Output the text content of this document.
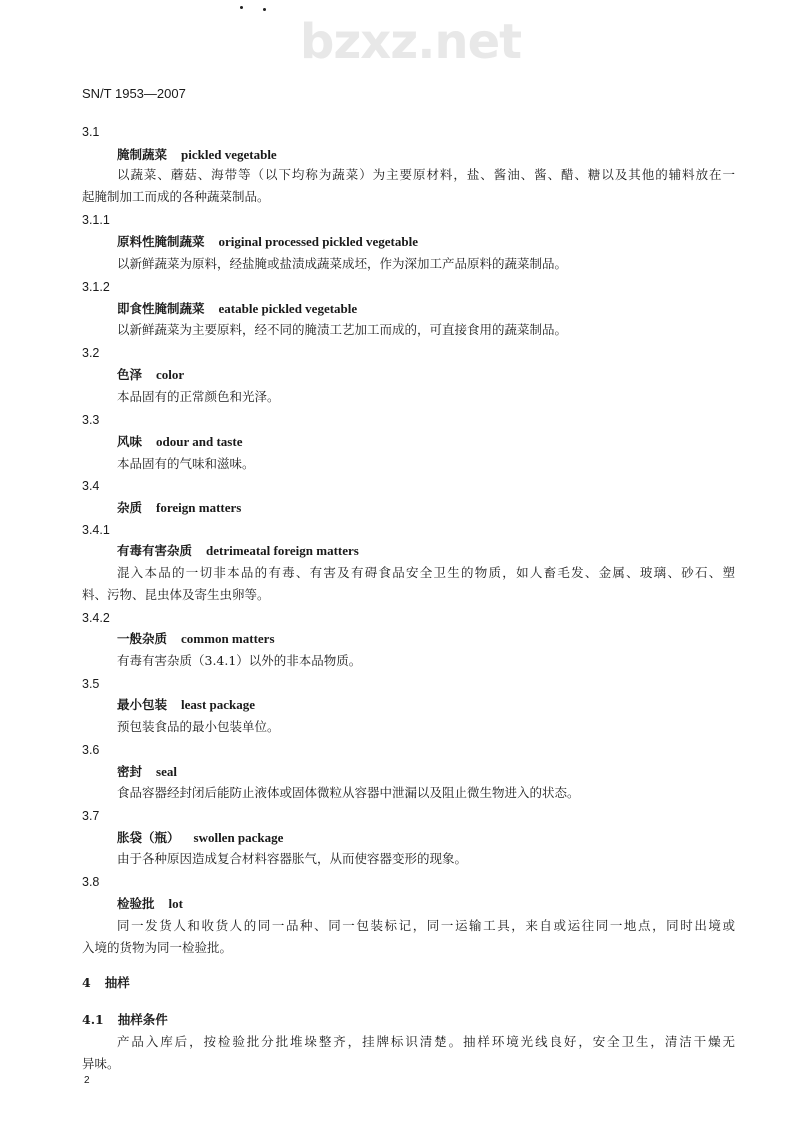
bzxz.net
SN/T 1953—2007
3.1
腌制蔬菜 pickled vegetable
以蔬菜、蘑菇、海带等（以下均称为蔬菜）为主要原材料，盐、酱油、酱、醋、糖以及其他的辅料放在一
起腌制加工而成的各种蔬菜制品。
3.1.1
原料性腌制蔬菜 original processed pickled vegetable
以新鲜蔬菜为原料，经盐腌或盐渍成蔬菜成坯，作为深加工产品原料的蔬菜制品。
3.1.2
即食性腌制蔬菜 eatable pickled vegetable
以新鲜蔬菜为主要原料，经不同的腌渍工艺加工而成的，可直接食用的蔬菜制品。
3.2
色泽 color
本品固有的正常颜色和光泽。
3.3
风味 odour and taste
本品固有的气味和滋味。
3.4
杂质 foreign matters
3.4.1
有毒有害杂质 detrimeatal foreign matters
混入本品的一切非本品的有毒、有害及有碍食品安全卫生的物质，如人畜毛发、金属、玻璃、砂石、塑
料、污物、昆虫体及寄生虫卵等。
3.4.2
一般杂质 common matters
有毒有害杂质（3.4.1）以外的非本品物质。
3.5
最小包装 least package
预包装食品的最小包装单位。
3.6
密封 seal
食品容器经封闭后能防止液体或固体微粒从容器中泄漏以及阻止微生物进入的状态。
3.7
胀袋（瓶） swollen package
由于各种原因造成复合材料容器胀气，从而使容器变形的现象。
3.8
检验批 lot
同一发货人和收货人的同一品种、同一包装标记，同一运输工具，来自或运往同一地点，同时出境或
入境的货物为同一检验批。
4 抽样
4.1 抽样条件
产品入库后，按检验批分批堆垛整齐，挂牌标识清楚。抽样环境光线良好，安全卫生，清洁干燥无
异味。
2
